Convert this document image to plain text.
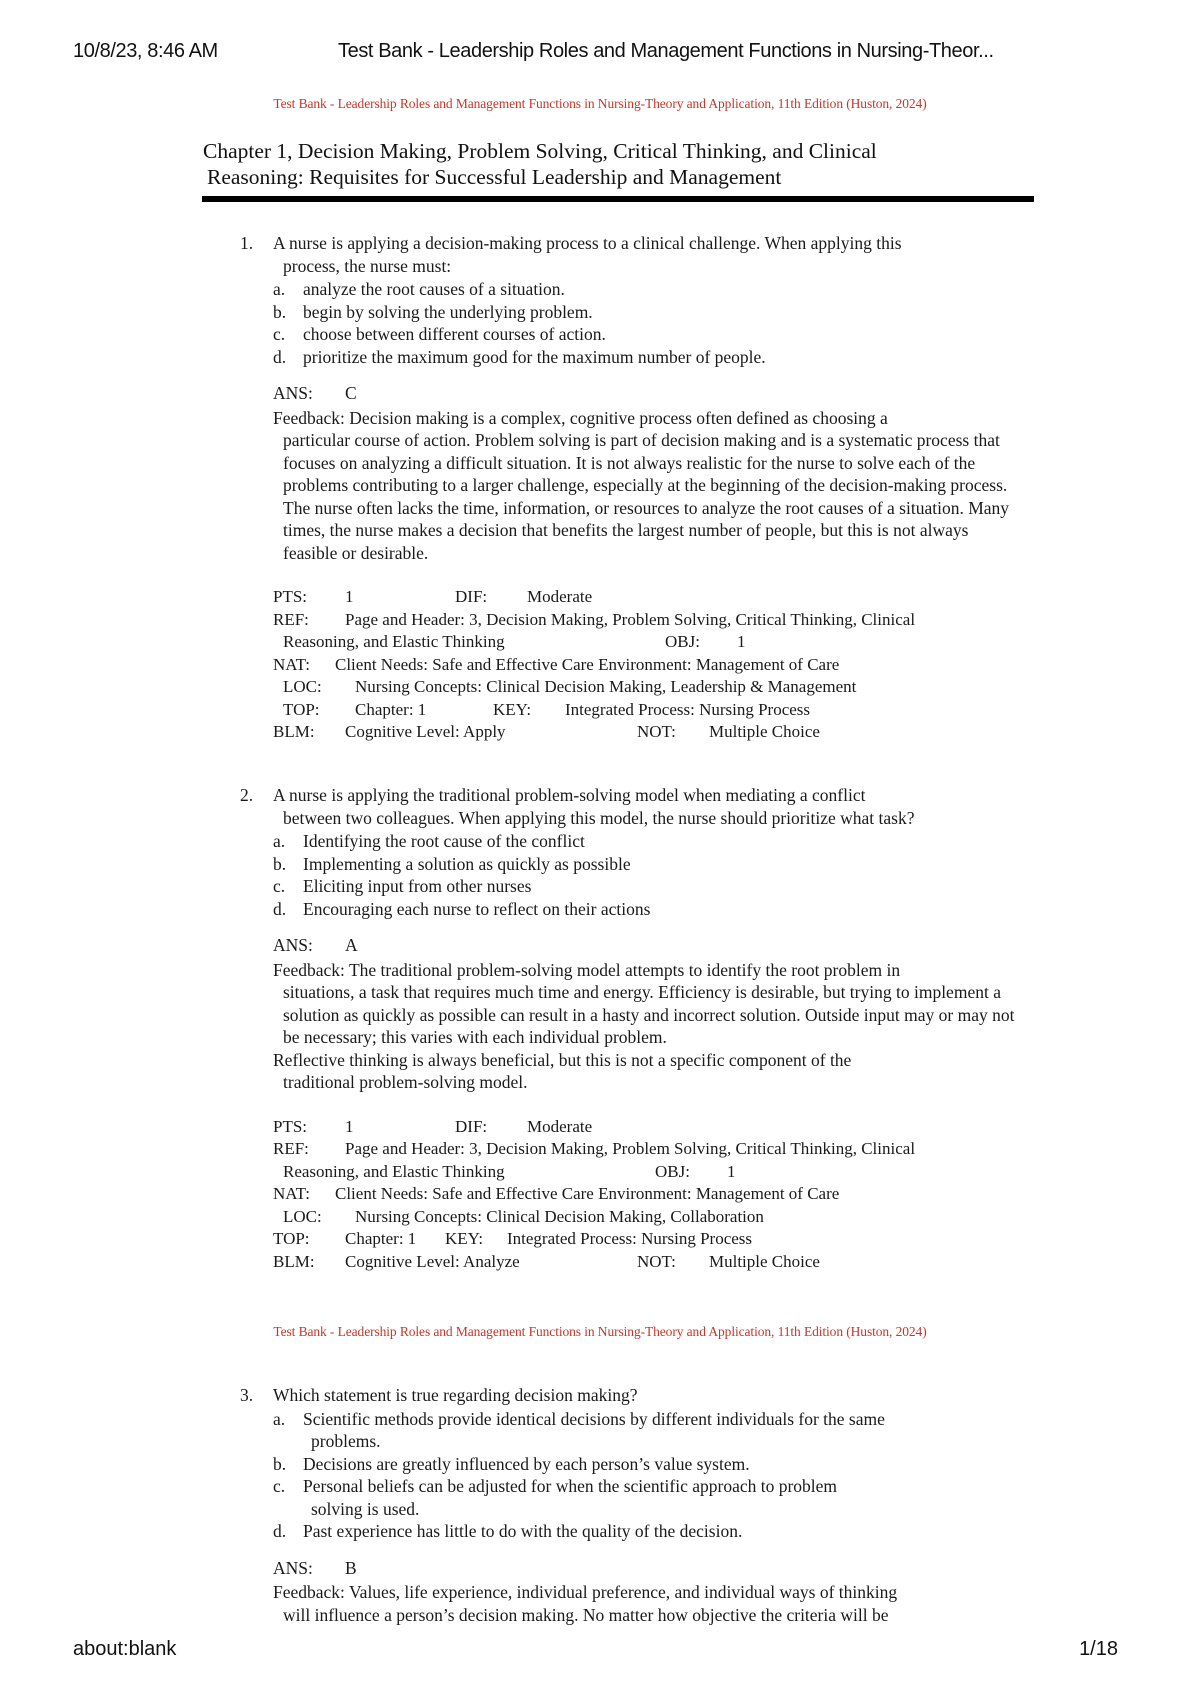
10/8/23, 8:46 AM	Test Bank - Leadership Roles and Management Functions in Nursing-Theor...
Test Bank - Leadership Roles and Management Functions in Nursing-Theory and Application, 11th Edition (Huston, 2024)
Chapter 1, Decision Making, Problem Solving, Critical Thinking, and Clinical
Reasoning: Requisites for Successful Leadership and Management
1. A nurse is applying a decision-making process to a clinical challenge. When applying this
process, the nurse must:
a. analyze the root causes of a situation.
b. begin by solving the underlying problem.
c. choose between different courses of action.
d. prioritize the maximum good for the maximum number of people.
ANS: C

Feedback: Decision making is a complex, cognitive process often defined as choosing a

particular course of action. Problem solving is part of decision making and is a systematic process that focuses on analyzing a difficult situation. It is not always realistic for the nurse to solve each of the problems contributing to a larger challenge, especially at the beginning of the decision-making process. The nurse often lacks the time, information, or resources to analyze the root causes of a situation. Many times, the nurse makes a decision that benefits the largest number of people, but this is not always feasible or desirable.
PTS: 1	DIF: Moderate
REF: Page and Header: 3, Decision Making, Problem Solving, Critical Thinking, Clinical
Reasoning, and Elastic Thinking	OBJ: 1
NAT: Client Needs: Safe and Effective Care Environment: Management of Care
LOC: Nursing Concepts: Clinical Decision Making, Leadership & Management
TOP: Chapter: 1	KEY: Integrated Process: Nursing Process
BLM: Cognitive Level: Apply	NOT: Multiple Choice
2. A nurse is applying the traditional problem-solving model when mediating a conflict
between two colleagues. When applying this model, the nurse should prioritize what task?
a. Identifying the root cause of the conflict
b. Implementing a solution as quickly as possible
c. Eliciting input from other nurses
d. Encouraging each nurse to reflect on their actions
ANS: A

Feedback: The traditional problem-solving model attempts to identify the root problem in

situations, a task that requires much time and energy. Efficiency is desirable, but trying to implement a solution as quickly as possible can result in a hasty and incorrect solution. Outside input may or may not be necessary; this varies with each individual problem.

Reflective thinking is always beneficial, but this is not a specific component of the

traditional problem-solving model.
PTS: 1	DIF: Moderate
REF: Page and Header: 3, Decision Making, Problem Solving, Critical Thinking, Clinical
Reasoning, and Elastic Thinking	OBJ: 1
NAT: Client Needs: Safe and Effective Care Environment: Management of Care
LOC: Nursing Concepts: Clinical Decision Making, Collaboration
TOP: Chapter: 1 KEY: Integrated Process: Nursing Process
BLM: Cognitive Level: Analyze	NOT: Multiple Choice
Test Bank - Leadership Roles and Management Functions in Nursing-Theory and Application, 11th Edition (Huston, 2024)
3. Which statement is true regarding decision making?
a. Scientific methods provide identical decisions by different individuals for the same
problems.
b. Decisions are greatly influenced by each person’s value system.
c. Personal beliefs can be adjusted for when the scientific approach to problem
solving is used.
d. Past experience has little to do with the quality of the decision.
ANS: B

Feedback: Values, life experience, individual preference, and individual ways of thinking

will influence a person’s decision making. No matter how objective the criteria will be
about:blank	1/18
